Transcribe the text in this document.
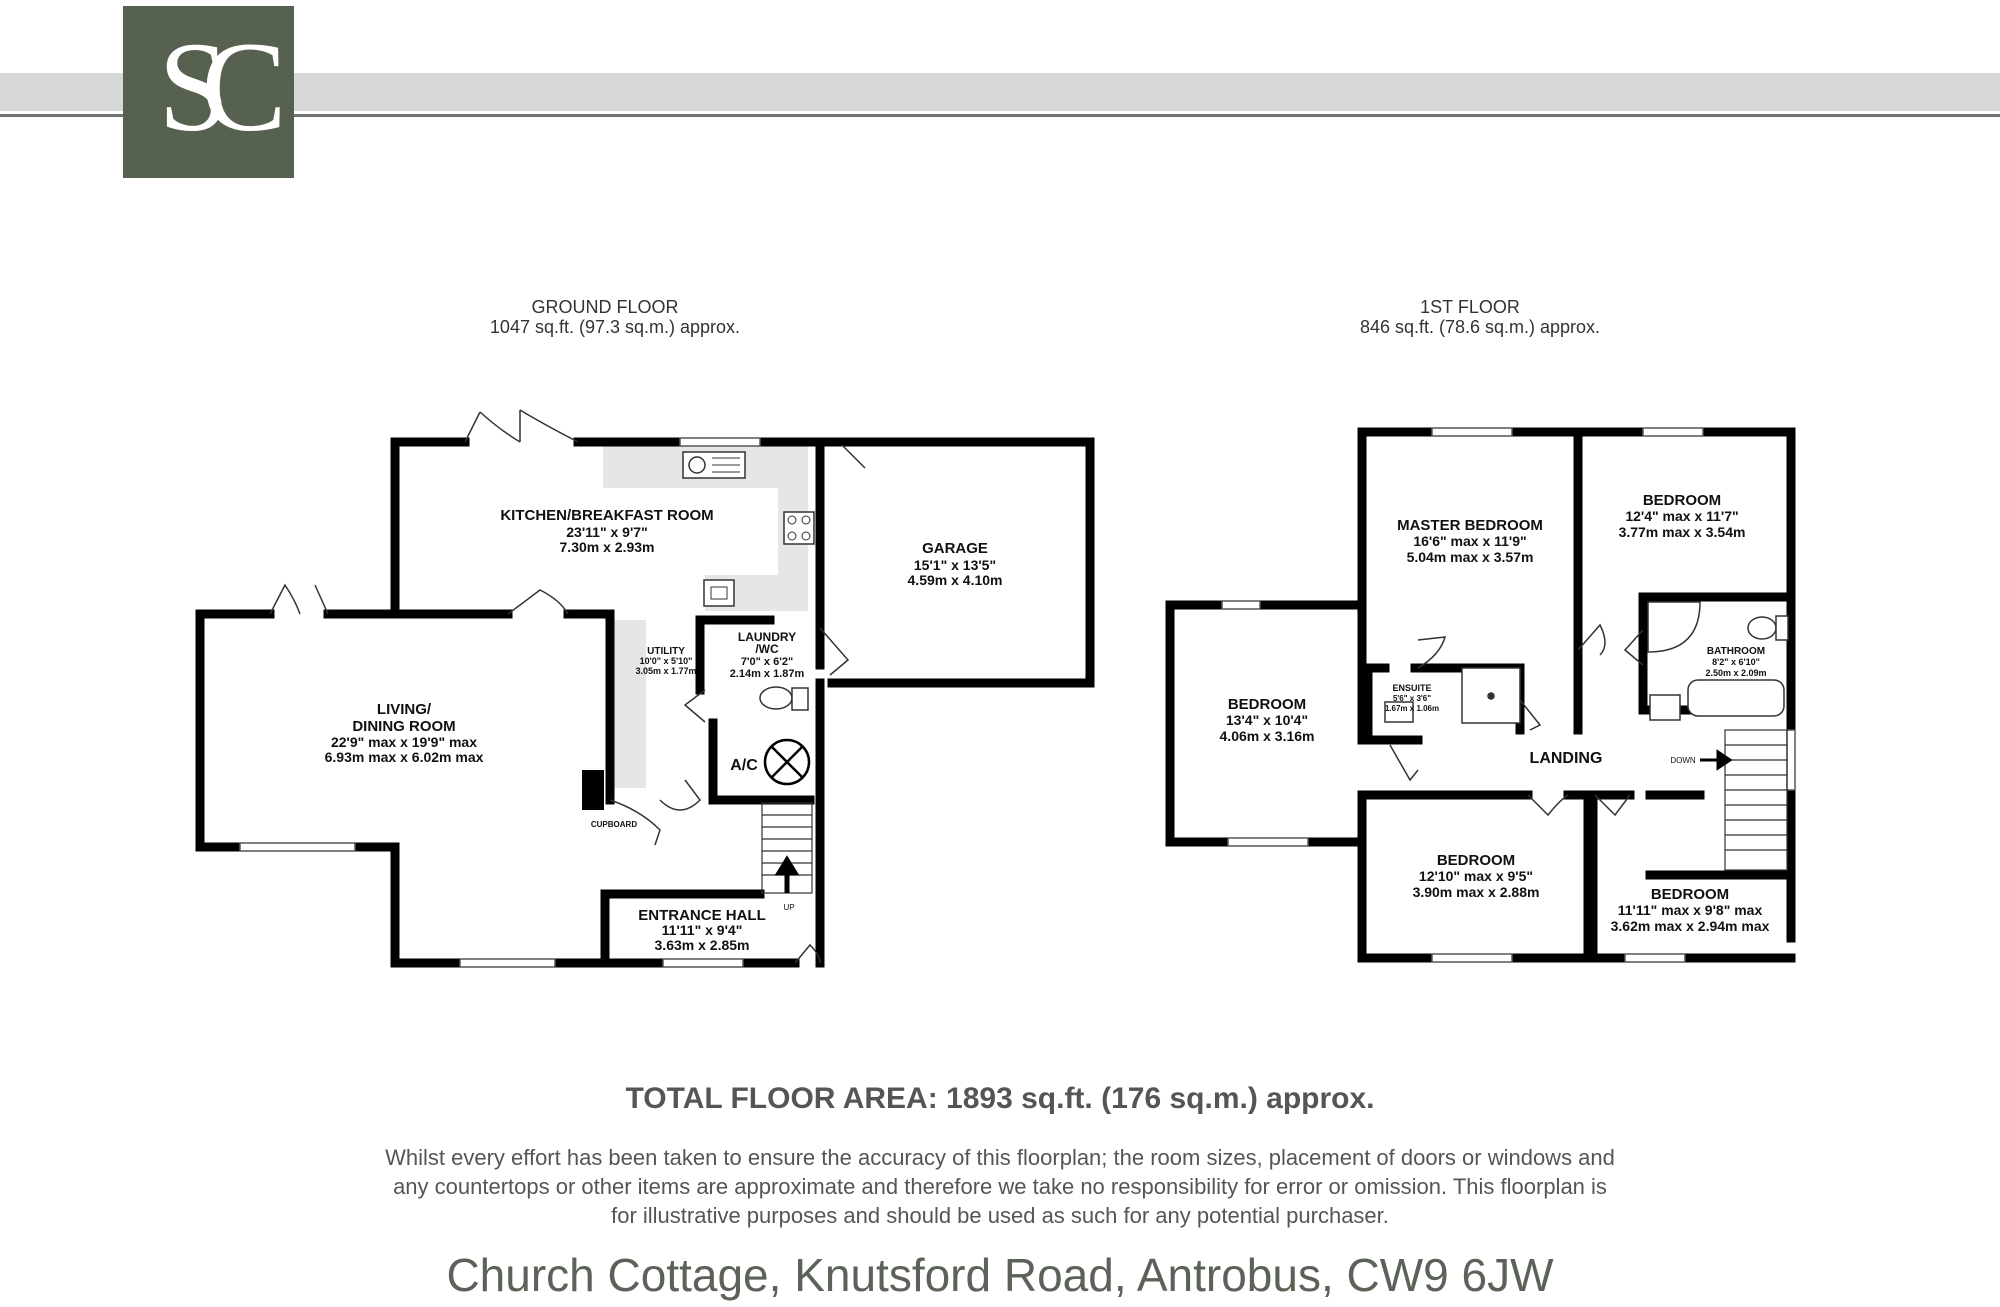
SC
GROUND FLOOR
1047 sq.ft. (97.3 sq.m.) approx.
1ST FLOOR
846 sq.ft. (78.6 sq.m.) approx.
KITCHEN/BREAKFAST ROOM
23'11" x 9'7"
7.30m x 2.93m	GARAGE
15'1" x 13'5"
4.59m x 4.10m
LIVING/
DINING ROOM
22'9" max x 19'9" max
6.93m max x 6.02m max
UTILITY
10'0" x 5'10"
3.05m x 1.77m
LAUNDRY
/WC
7'0" x 6'2"
2.14m x 1.87m
A/C
CUPBOARD
ENTRANCE HALL
11'11" x 9'4"
3.63m x 2.85m
UP
MASTER BEDROOM
16'6" max x 11'9"
5.04m max x 3.57m
BEDROOM
12'4" max x 11'7"
3.77m max x 3.54m
BEDROOM
13'4" x 10'4"
4.06m x 3.16m
ENSUITE
5'6" x 3'6"
1.67m x 1.06m
BATHROOM
8'2" x 6'10"
2.50m x 2.09m
LANDING	DOWN
BEDROOM
12'10" max x 9'5"
3.90m max x 2.88m	BEDROOM
11'11" max x 9'8" max
3.62m max x 2.94m max
TOTAL FLOOR AREA: 1893 sq.ft. (176 sq.m.) approx.
Whilst every effort has been taken to ensure the accuracy of this floorplan; the room sizes, placement of doors or windows and any countertops or other items are approximate and therefore we take no responsibility for error or omission. This floorplan is for illustrative purposes and should be used as such for any potential purchaser.
Church Cottage, Knutsford Road, Antrobus, CW9 6JW
